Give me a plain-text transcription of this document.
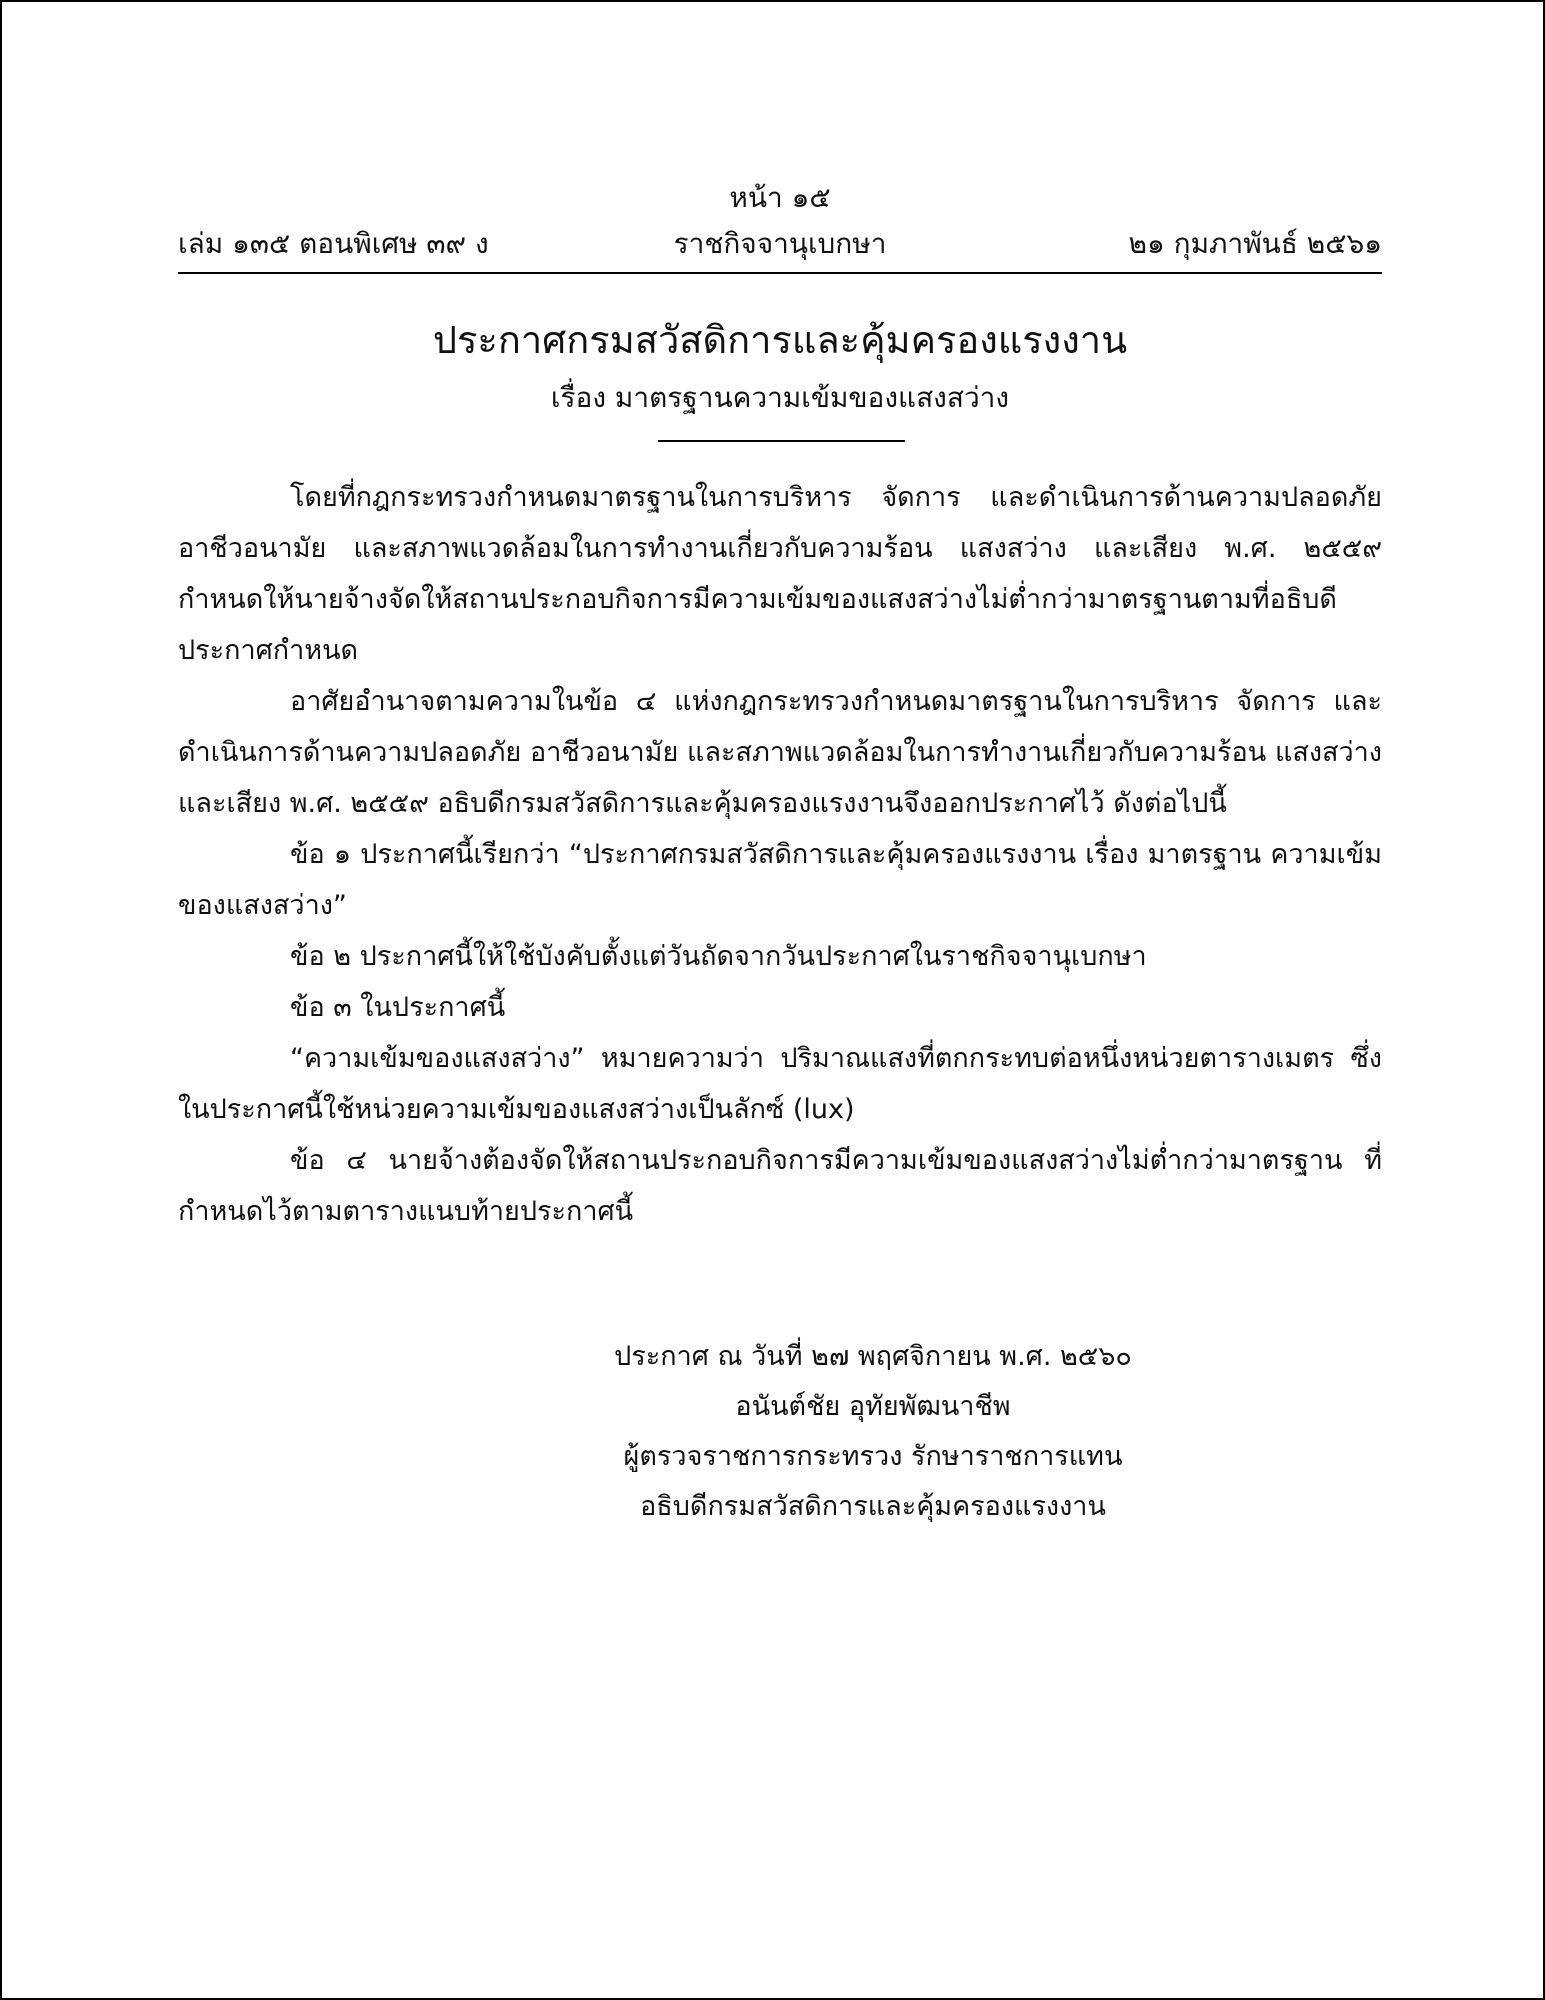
หน้า ๑๕
เล่ม ๑๓๕ ตอนพิเศษ ๓๙ ง	ราชกิจจานุเบกษา	๒๑ กุมภาพันธ์ ๒๕๖๑
ประกาศกรมสวัสดิการและคุ้มครองแรงงาน
เรื่อง มาตรฐานความเข้มของแสงสว่าง

โดยที่กฎกระทรวงกำหนดมาตรฐานในการบริหาร จัดการ และดำเนินการด้านความปลอดภัย อาชีวอนามัย และสภาพแวดล้อมในการทำงานเกี่ยวกับความร้อน แสงสว่าง และเสียง พ.ศ. ๒๕๕๙ กำหนดให้นายจ้างจัดให้สถานประกอบกิจการมีความเข้มของแสงสว่างไม่ต่ำกว่ามาตรฐานตามที่อธิบดีประกาศกำหนด

อาศัยอำนาจตามความในข้อ ๔ แห่งกฎกระทรวงกำหนดมาตรฐานในการบริหาร จัดการ และดำเนินการด้านความปลอดภัย อาชีวอนามัย และสภาพแวดล้อมในการทำงานเกี่ยวกับความร้อน แสงสว่าง และเสียง พ.ศ. ๒๕๕๙ อธิบดีกรมสวัสดิการและคุ้มครองแรงงานจึงออกประกาศไว้ ดังต่อไปนี้

ข้อ ๑ ประกาศนี้เรียกว่า “ประกาศกรมสวัสดิการและคุ้มครองแรงงาน เรื่อง มาตรฐาน ความเข้มของแสงสว่าง”

ข้อ ๒ ประกาศนี้ให้ใช้บังคับตั้งแต่วันถัดจากวันประกาศในราชกิจจานุเบกษา

ข้อ ๓ ในประกาศนี้

“ความเข้มของแสงสว่าง” หมายความว่า ปริมาณแสงที่ตกกระทบต่อหนึ่งหน่วยตารางเมตร ซึ่งในประกาศนี้ใช้หน่วยความเข้มของแสงสว่างเป็นลักซ์ (lux)

ข้อ ๔ นายจ้างต้องจัดให้สถานประกอบกิจการมีความเข้มของแสงสว่างไม่ต่ำกว่ามาตรฐาน ที่กำหนดไว้ตามตารางแนบท้ายประกาศนี้

ประกาศ ณ วันที่ ๒๗ พฤศจิกายน พ.ศ. ๒๕๖๐
อนันต์ชัย อุทัยพัฒนาชีพ
ผู้ตรวจราชการกระทรวง รักษาราชการแทน
อธิบดีกรมสวัสดิการและคุ้มครองแรงงาน
